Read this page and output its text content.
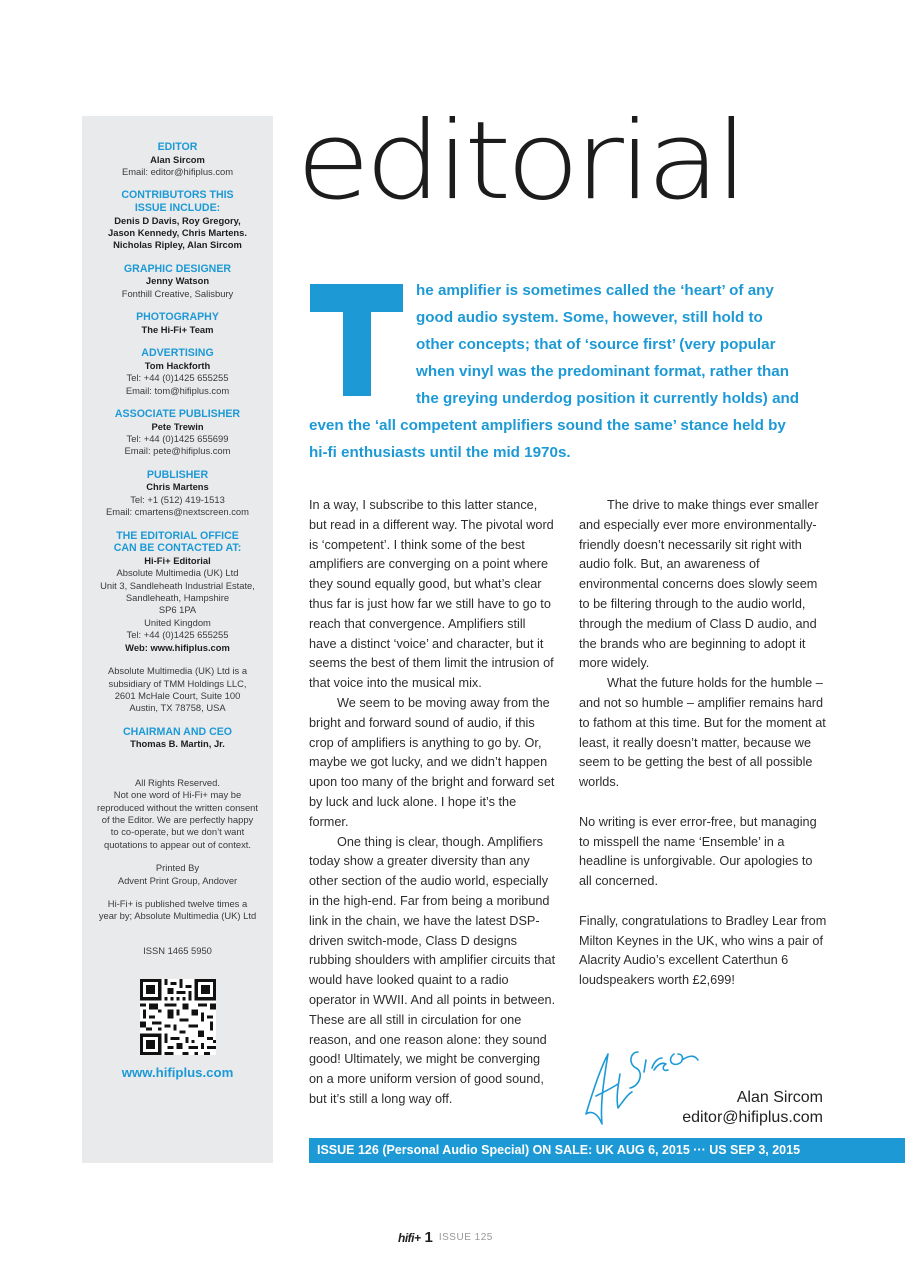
EDITOR
Alan Sircom
Email: editor@hifiplus.com
CONTRIBUTORS THIS
ISSUE INCLUDE:
Denis D Davis, Roy Gregory,
Jason Kennedy, Chris Martens.
Nicholas Ripley, Alan Sircom
GRAPHIC DESIGNER
Jenny Watson
Fonthill Creative, Salisbury
PHOTOGRAPHY
The Hi-Fi+ Team
ADVERTISING
Tom Hackforth
Tel: +44 (0)1425 655255
Email: tom@hifiplus.com
ASSOCIATE PUBLISHER
Pete Trewin
Tel: +44 (0)1425 655699
Email: pete@hifiplus.com
PUBLISHER
Chris Martens
Tel: +1 (512) 419-1513
Email: cmartens@nextscreen.com
THE EDITORIAL OFFICE
CAN BE CONTACTED AT:
Hi-Fi+ Editorial
Absolute Multimedia (UK) Ltd
Unit 3, Sandleheath Industrial Estate,
Sandleheath, Hampshire
SP6 1PA
United Kingdom
Tel: +44 (0)1425 655255
Web: www.hifiplus.com
Absolute Multimedia (UK) Ltd is a
subsidiary of TMM Holdings LLC,
2601 McHale Court, Suite 100
Austin, TX 78758, USA
CHAIRMAN AND CEO
Thomas B. Martin, Jr.
All Rights Reserved.
Not one word of Hi-Fi+ may be
reproduced without the written consent
of the Editor. We are perfectly happy
to co-operate, but we don’t want
quotations to appear out of context.
Printed By
Advent Print Group, Andover
Hi-Fi+ is published twelve times a
year by; Absolute Multimedia (UK) Ltd
ISSN 1465 5950
www.hifiplus.com
editorial
he amplifier is sometimes called the ‘heart’ of any
good audio system. Some, however, still hold to
other concepts; that of ‘source first’ (very popular
when vinyl was the predominant format, rather than
the greying underdog position it currently holds) and
even the ‘all competent amplifiers sound the same’ stance held by
hi-fi enthusiasts until the mid 1970s.

In a way, I subscribe to this latter stance, but read in a different way. The pivotal word is ‘competent’. I think some of the best amplifiers are converging on a point where they sound equally good, but what’s clear thus far is just how far we still have to go to reach that convergence. Amplifiers still have a distinct ‘voice’ and character, but it seems the best of them limit the intrusion of that voice into the musical mix.

We seem to be moving away from the bright and forward sound of audio, if this crop of amplifiers is anything to go by. Or, maybe we got lucky, and we didn’t happen upon too many of the bright and forward set by luck and luck alone. I hope it’s the former.

One thing is clear, though. Amplifiers today show a greater diversity than any other section of the audio world, especially in the high-end. Far from being a moribund link in the chain, we have the latest DSP-driven switch-mode, Class D designs rubbing shoulders with amplifier circuits that would have looked quaint to a radio operator in WWII. And all points in between. These are all still in circulation for one reason, and one reason alone: they sound good! Ultimately, we might be converging on a more uniform version of good sound, but it’s still a long way off.

The drive to make things ever smaller and especially ever more environmentally-friendly doesn’t necessarily sit right with audio folk. But, an awareness of environmental concerns does slowly seem to be filtering through to the audio world, through the medium of Class D audio, and the brands who are beginning to adopt it more widely.

What the future holds for the humble – and not so humble – amplifier remains hard to fathom at this time. But for the moment at least, it really doesn’t matter, because we seem to be getting the best of all possible worlds.

No writing is ever error-free, but managing to misspell the name ‘Ensemble’ in a headline is unforgivable. Our apologies to all concerned.

Finally, congratulations to Bradley Lear from Milton Keynes in the UK, who wins a pair of Alacrity Audio’s excellent Caterthun 6 loudspeakers worth £2,699!

Alan Sircom
editor@hifiplus.com
ISSUE 126 (Personal Audio Special) ON SALE: UK AUG 6, 2015 ··· US SEP 3, 2015
hifi+ 1 ISSUE 125
